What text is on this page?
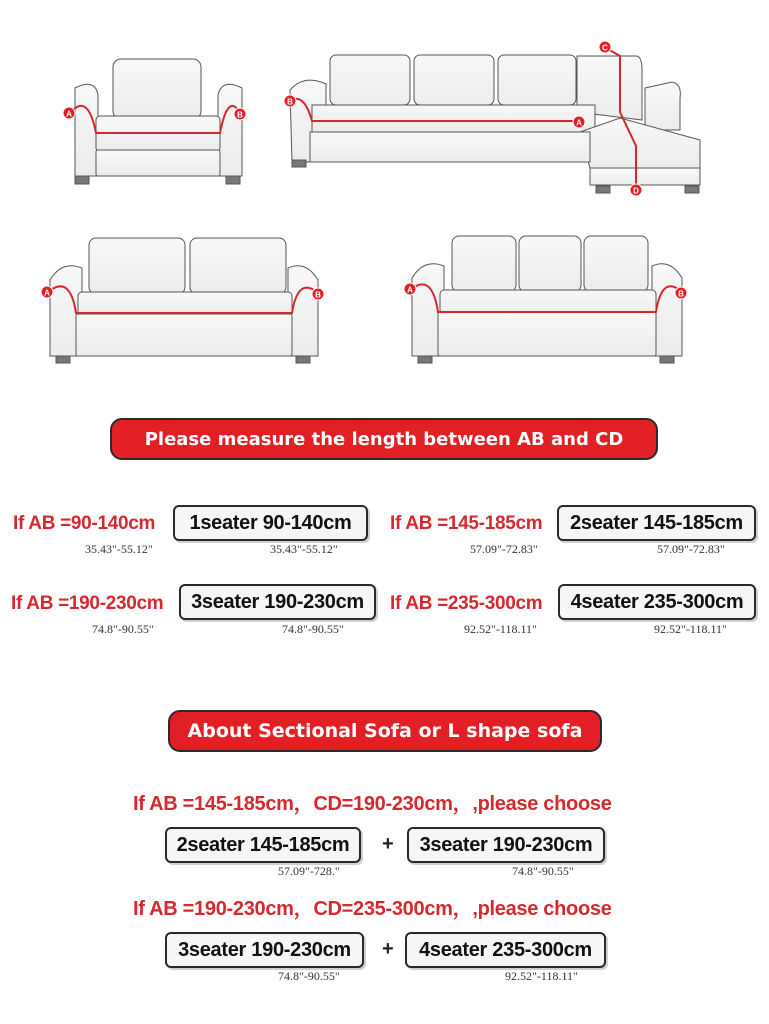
A	B
B
A
C
D
A	B
A	B
Please measure the length between AB and CD
If AB =90-140cm
35.43"-55.12"
1seater 90-140cm
35.43"-55.12"
If AB =145-185cm
57.09"-72.83"
2seater 145-185cm
57.09"-72.83"
If AB =190-230cm
74.8"-90.55"
3seater 190-230cm
74.8"-90.55"
If AB =235-300cm
92.52"-118.11"
4seater 235-300cm
92.52"-118.11"
About Sectional Sofa or L shape sofa
If AB =145-185cm，CD=190-230cm，,please choose
2seater 145-185cm
57.09"-728."
+	3seater 190-230cm
74.8"-90.55"
If AB =190-230cm，CD=235-300cm，,please choose
3seater 190-230cm
74.8"-90.55"
+	4seater 235-300cm
92.52"-118.11"
